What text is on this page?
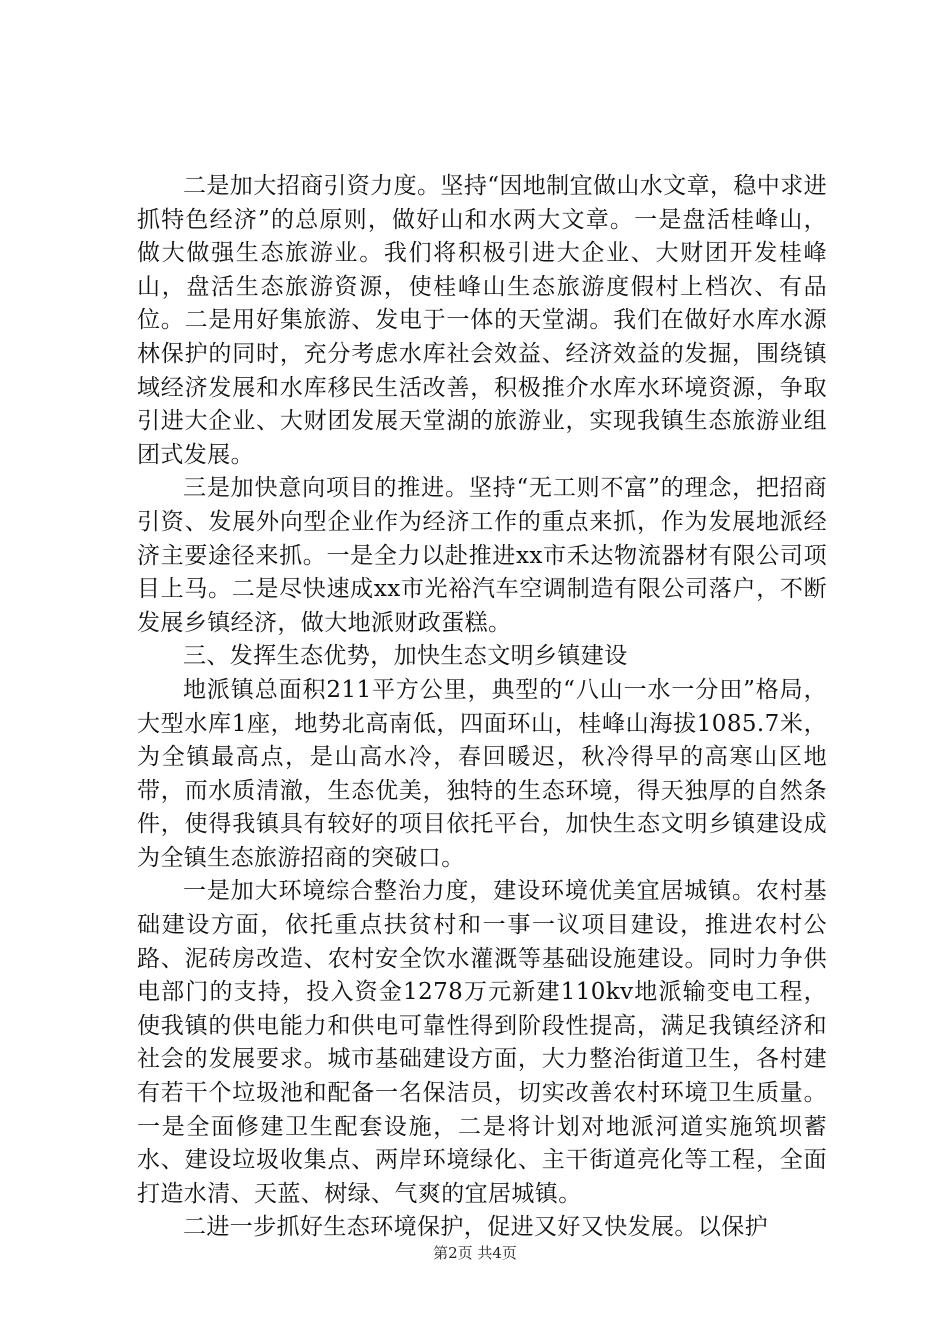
二是加大招商引资力度。坚持“因地制宜做山水文章，稳中求进抓特色经济”的总原则，做好山和水两大文章。一是盘活桂峰山，做大做强生态旅游业。我们将积极引进大企业、大财团开发桂峰山，盘活生态旅游资源，使桂峰山生态旅游度假村上档次、有品位。二是用好集旅游、发电于一体的天堂湖。我们在做好水库水源林保护的同时，充分考虑水库社会效益、经济效益的发掘，围绕镇域经济发展和水库移民生活改善，积极推介水库水环境资源，争取引进大企业、大财团发展天堂湖的旅游业，实现我镇生态旅游业组团式发展。

三是加快意向项目的推进。坚持“无工则不富”的理念，把招商引资、发展外向型企业作为经济工作的重点来抓，作为发展地派经济主要途径来抓。一是全力以赴推进xx市禾达物流器材有限公司项目上马。二是尽快速成xx市光裕汽车空调制造有限公司落户，不断发展乡镇经济，做大地派财政蛋糕。

三、发挥生态优势，加快生态文明乡镇建设

地派镇总面积211平方公里，典型的“八山一水一分田”格局，大型水库1座，地势北高南低，四面环山，桂峰山海拔1085.7米，为全镇最高点，是山高水冷，春回暖迟，秋冷得早的高寒山区地带，而水质清澈，生态优美，独特的生态环境，得天独厚的自然条件，使得我镇具有较好的项目依托平台，加快生态文明乡镇建设成为全镇生态旅游招商的突破口。

一是加大环境综合整治力度，建设环境优美宜居城镇。农村基础建设方面，依托重点扶贫村和一事一议项目建设，推进农村公路、泥砖房改造、农村安全饮水灌溉等基础设施建设。同时力争供电部门的支持，投入资金1278万元新建110kv地派输变电工程，使我镇的供电能力和供电可靠性得到阶段性提高，满足我镇经济和社会的发展要求。城市基础建设方面，大力整治街道卫生，各村建有若干个垃圾池和配备一名保洁员，切实改善农村环境卫生质量。一是全面修建卫生配套设施，二是将计划对地派河道实施筑坝蓄水、建设垃圾收集点、两岸环境绿化、主干街道亮化等工程，全面打造水清、天蓝、树绿、气爽的宜居城镇。

二进一步抓好生态环境保护，促进又好又快发展。以保护

第2页 共4页
